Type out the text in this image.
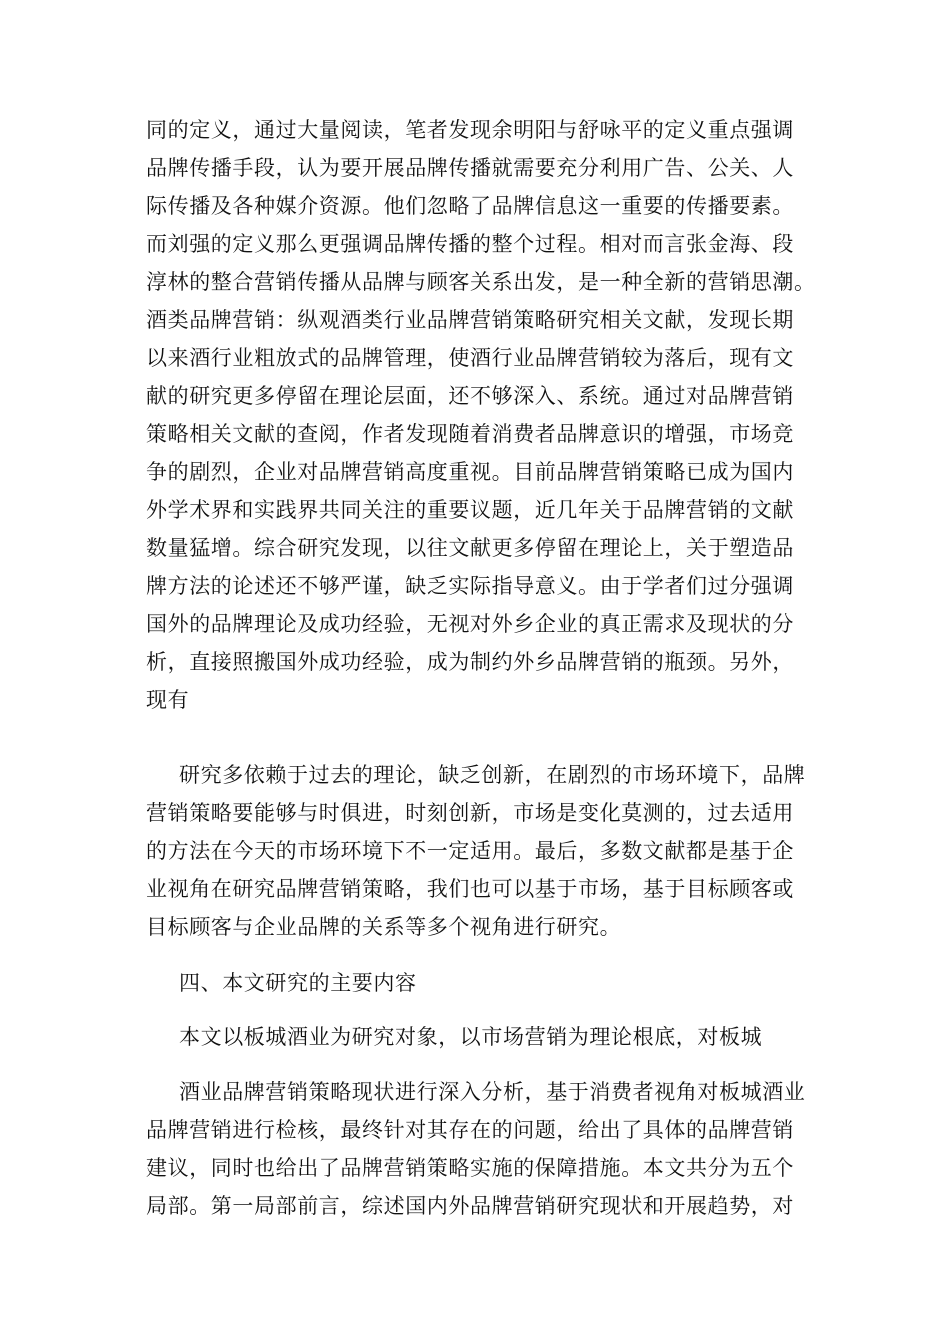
同的定义，通过大量阅读，笔者发现余明阳与舒咏平的定义重点强调
品牌传播手段，认为要开展品牌传播就需要充分利用广告、公关、人
际传播及各种媒介资源。他们忽略了品牌信息这一重要的传播要素。
而刘强的定义那么更强调品牌传播的整个过程。相对而言张金海、段
淳林的整合营销传播从品牌与顾客关系出发，是一种全新的营销思潮。
酒类品牌营销：纵观酒类行业品牌营销策略研究相关文献，发现长期
以来酒行业粗放式的品牌管理，使酒行业品牌营销较为落后，现有文
献的研究更多停留在理论层面，还不够深入、系统。通过对品牌营销
策略相关文献的查阅，作者发现随着消费者品牌意识的增强，市场竞
争的剧烈，企业对品牌营销高度重视。目前品牌营销策略已成为国内
外学术界和实践界共同关注的重要议题，近几年关于品牌营销的文献
数量猛增。综合研究发现，以往文献更多停留在理论上，关于塑造品
牌方法的论述还不够严谨，缺乏实际指导意义。由于学者们过分强调
国外的品牌理论及成功经验，无视对外乡企业的真正需求及现状的分
析，直接照搬国外成功经验，成为制约外乡品牌营销的瓶颈。另外，
现有
研究多依赖于过去的理论，缺乏创新，在剧烈的市场环境下，品牌
营销策略要能够与时俱进，时刻创新，市场是变化莫测的，过去适用
的方法在今天的市场环境下不一定适用。最后，多数文献都是基于企
业视角在研究品牌营销策略，我们也可以基于市场，基于目标顾客或
目标顾客与企业品牌的关系等多个视角进行研究。
四、本文研究的主要内容
本文以板城酒业为研究对象，以市场营销为理论根底，对板城
酒业品牌营销策略现状进行深入分析，基于消费者视角对板城酒业
品牌营销进行检核，最终针对其存在的问题，给出了具体的品牌营销
建议，同时也给出了品牌营销策略实施的保障措施。本文共分为五个
局部。第一局部前言，综述国内外品牌营销研究现状和开展趋势，对
